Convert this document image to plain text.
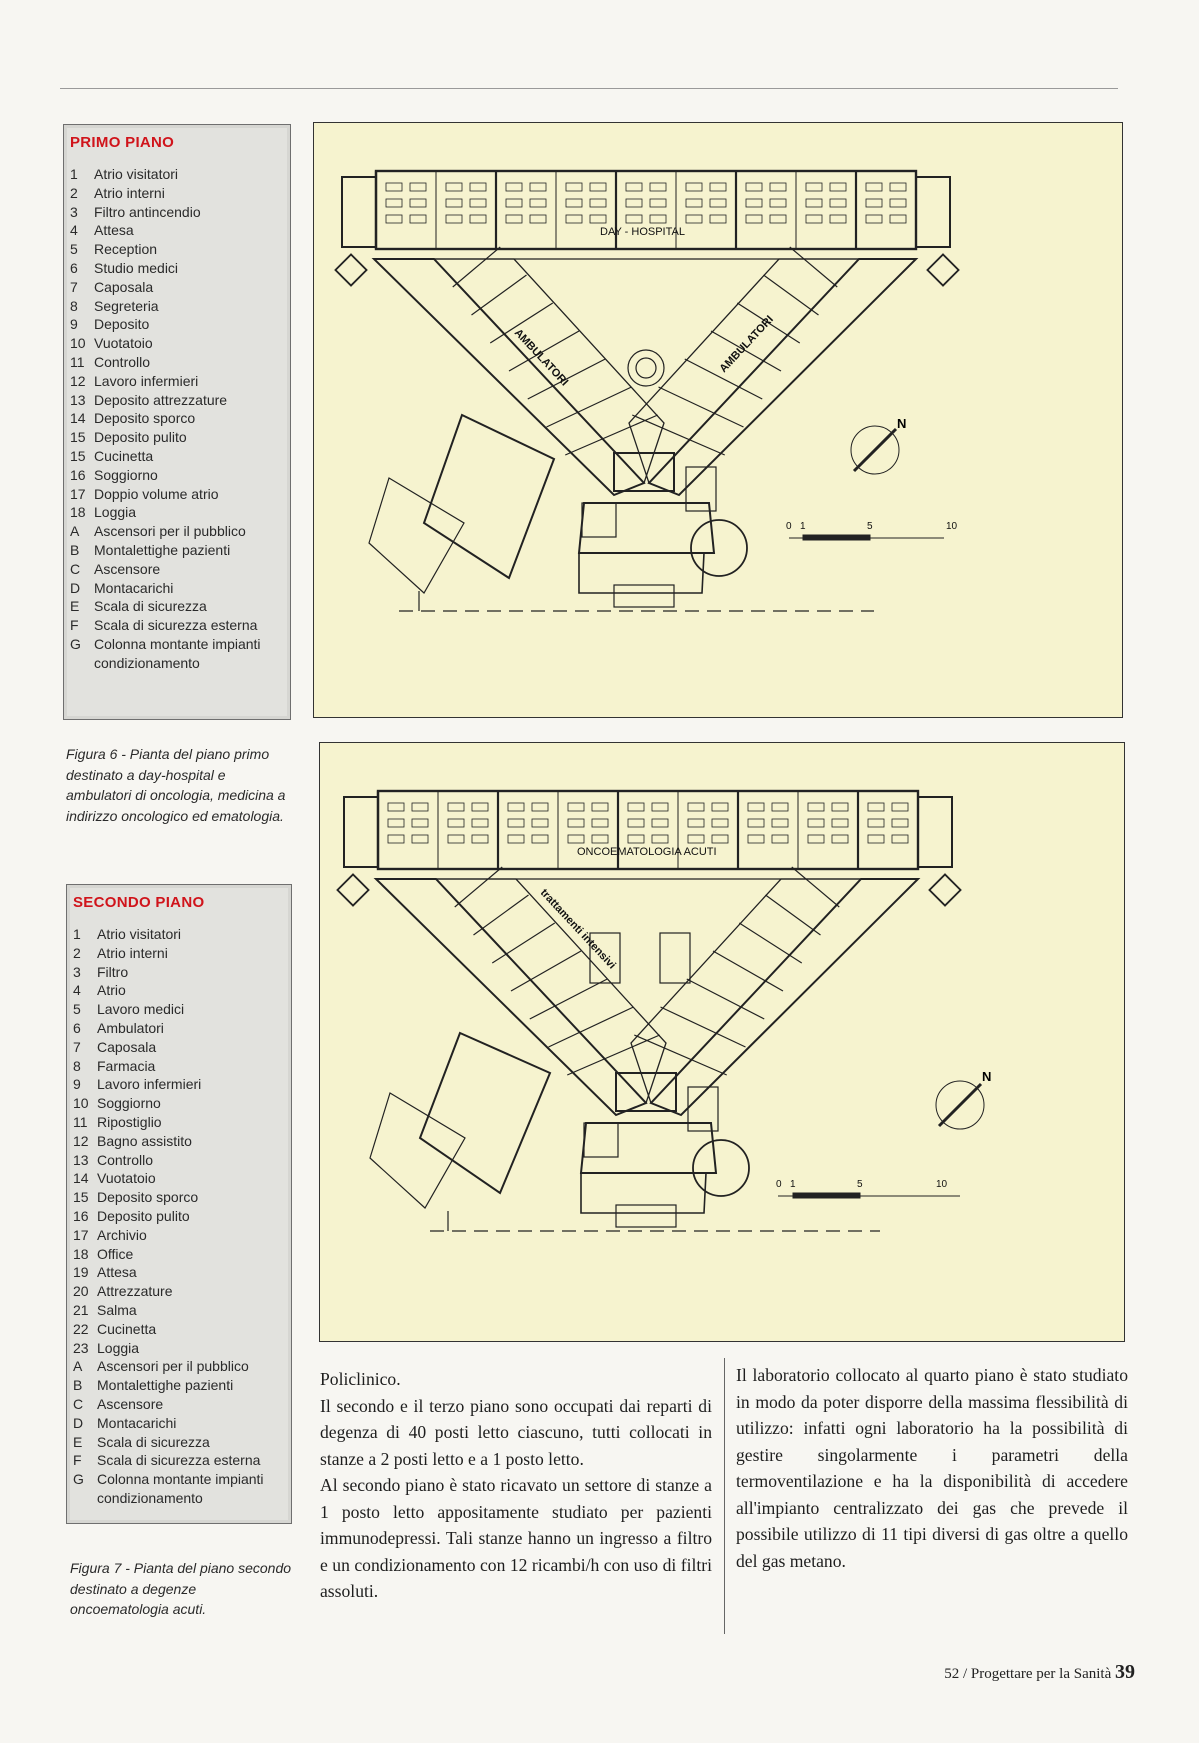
PRIMO PIANO
1	Atrio visitatori
2	Atrio interni
3	Filtro antincendio
4	Attesa
5	Reception
6	Studio medici
7	Caposala
8	Segreteria
9	Deposito
10 Vuotatoio
11 Controllo
12 Lavoro infermieri
13 Deposito attrezzature
14 Deposito sporco
15 Deposito pulito
15 Cucinetta
16 Soggiorno
17 Doppio volume atrio
18 Loggia
A	Ascensori per il pubblico
B	Montalettighe pazienti
C Ascensore
D Montacarichi
E	Scala di sicurezza
F	Scala di sicurezza esterna
G Colonna montante impianti condizionamento
Figura 6 - Pianta del piano primo destinato a day-hospital e ambulatori di oncologia, medicina a indirizzo oncologico ed ematologia.
SECONDO PIANO
1	Atrio visitatori
2	Atrio interni
3	Filtro
4	Atrio
5	Lavoro medici
6	Ambulatori
7	Caposala
8	Farmacia
9	Lavoro infermieri
10 Soggiorno
11 Ripostiglio
12 Bagno assistito
13 Controllo
14 Vuotatoio
15 Deposito sporco
16 Deposito pulito
17 Archivio
18 Office
19 Attesa
20 Attrezzature
21 Salma
22 Cucinetta
23 Loggia
A	Ascensori per il pubblico
B	Montalettighe pazienti
C Ascensore
D Montacarichi
E	Scala di sicurezza
F	Scala di sicurezza esterna
G Colonna montante impianti condizionamento
Figura 7 - Pianta del piano secondo destinato a degenze oncoematologia acuti.
DAY - HOSPITAL
AMBULATORI	AMBULATORI
N
0 1	5	10
ONCOEMATOLOGIA ACUTI
trattamenti intensivi
N
0 1	5	10

Policlinico.

Il secondo e il terzo piano sono occupati dai reparti di degenza di 40 posti letto ciascuno, tutti collocati in stanze a 2 posti letto e a 1 posto letto.

Al secondo piano è stato ricavato un settore di stanze a 1 posto letto appositamente studiato per pazienti immunodepressi. Tali stanze hanno un ingresso a filtro e un condizionamento con 12 ricambi/h con uso di filtri assoluti.

Il laboratorio collocato al quarto piano è stato studiato in modo da poter disporre della massima flessibilità di utilizzo: infatti ogni laboratorio ha la possibilità di gestire singolarmente i parametri della termoventilazione e ha la disponibilità di accedere all'impianto centralizzato dei gas che prevede il possibile utilizzo di 11 tipi diversi di gas oltre a quello del gas metano.

52 / Progettare per la Sanità 39
